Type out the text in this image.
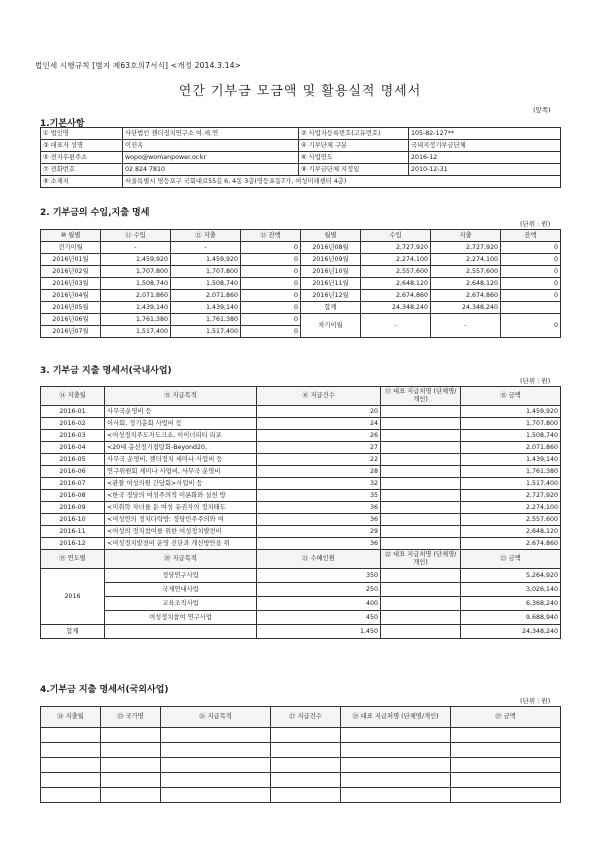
법인세 시행규칙 [별지 제63호의7서식] <개정 2014.3.14>
연간 기부금 모금액 및 활용실적 명세서
(앞쪽)
1.기본사항
① 법인명	사단법인 젠더정치연구소 여.세.연	② 사업자등록번호(고유번호)	105-82-127**
③ 대표자 성명	이진옥	④ 기부단체 구분	국내지정기부금단체
⑤ 전자우편주소	wopo@womanpower.or.kr	⑥ 사업연도	2016-12
⑦ 전화번호	02 824 7810	⑧ 기부금단체 지정일	2010-12-31
⑨ 소재지	서울특별시 영등포구 국회대로55길 6, 4동 3층(영등포동7가, 여성미래센터 4층)		
2. 기부금의 수입,지출 명세
(단위 : 원)
⑩ 월별	⑪ 수입	⑫ 지출	⑬ 잔액	월별	수입	지출	잔액
전기이월	-	-	0	2016년08월	2,727,920	2,727,920	0
2016년01월	1,459,920	1,459,920	0	2016년09월	2,274,100	2,274,100	0
2016년02월	1,707,800	1,707,800	0	2016년10월	2,557,600	2,557,600	0
2016년03월	1,508,740	1,508,740	0	2016년11월	2,648,120	2,648,120	0
2016년04월	2,071,860	2,071,860	0	2016년12월	2,674,860	2,674,860	0
2016년05월	1,439,140	1,439,140	0	합계	24,348,240	24,348,240	
2016년06월	1,761,380	1,761,380	0	차기이월	-	-	0
2016년07월	1,517,400	1,517,400	0				
3. 기부금 지출 명세서(국내사업)
(단위 : 원)
⑭ 지출월	⑮ 지급목적	⑯ 지급건수	⑰ 대표 지급처명 (단체명/개인)	⑱ 금액
2016-01	사무국운영비 등	20		1,459,920
2016-02	이사회, 정기총회 사업비 등	24		1,707,800
2016-03	<여성정치주도자도크쇼, 이이너리티 리포	26		1,508,740
2016-04	<20대 총선정기접탕회-Beyond20,	27		2,071,860
2016-05	사무국 운영비, 젠더정치 세미나 사업비 등	22		1,439,140
2016-06	연구위원회 세미나 사업비, 사무국 운영비	28		1,761,380
2016-07	<관찰 여성의원 간담회>사업비 등	32		1,517,400
2016-08	<한국 정당의 여성주의적 이론화와 실천 방	35		2,727,920
2016-09	<미취학 자녀를 둔 여성 유권자의 정치태도	36		2,274,100
2016-10	<여성연의 정치다락방: 정당민주주의와 여	36		2,557,600
2016-11	<여성의 정치참여를 위한 여성정치발전비	29		2,648,120
2016-12	<여성정치발전비 운영 진단과 개선방안을 위	36		2,674,860
⑲ 연도별	⑳ 지급목적	㉑ 수혜인원	㉒ 대표 지급처명 (단체명/개인)	㉓ 금액
2016	정당연구사업	350		5,264,920
	국제연대사업	250		3,026,140
	교육조직사업	400		6,368,240
	여성정치참여 연구사업	450		9,688,940
합계		1,450		24,348,240
4.기부금 지출 명세서(국외사업)
(단위 : 원)
㉔ 지출월	㉕ 국가명	㉖ 지급목적	㉗ 지급건수	㉘ 대표 지급처명 (단체명/개인)	㉙ 금액
